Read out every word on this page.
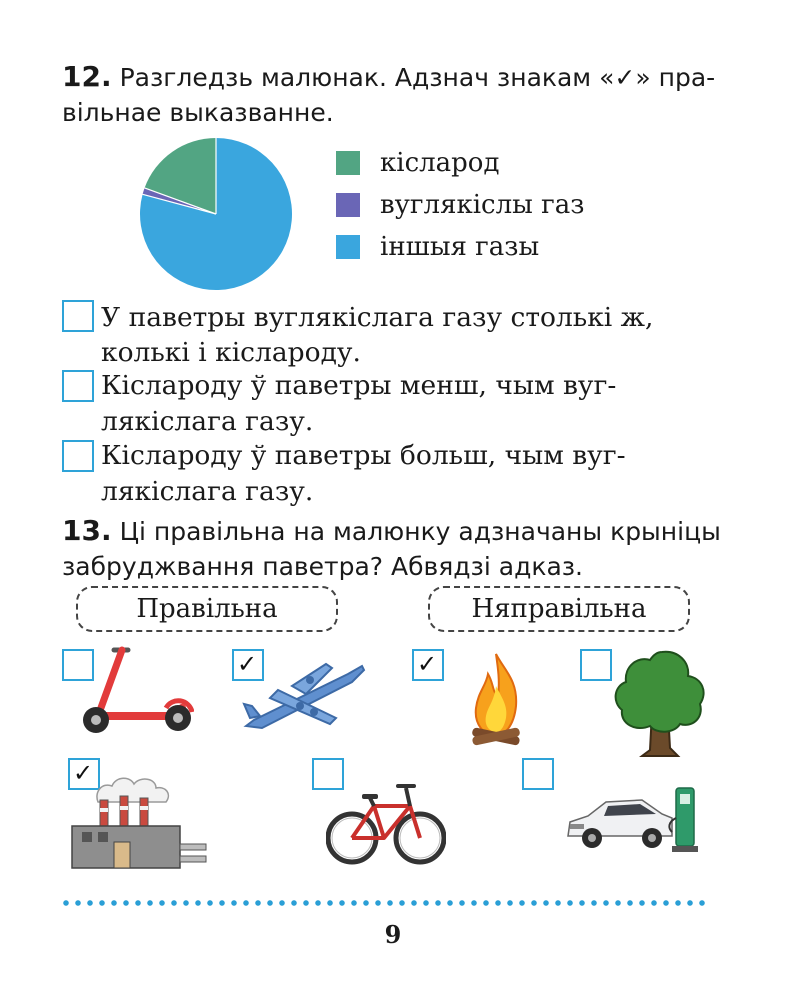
12. Разгледзь малюнак. Адзнач знакам «✓» пра-
вільнае выказванне.
кісларод
вуглякіслы газ
іншыя газы
У паветры вуглякіслага газу столькі ж,
колькі і кіслароду.
Кіслароду ў паветры менш, чым вуг-
лякіслага газу.
Кіслароду ў паветры больш, чым вуг-
лякіслага газу.
13. Ці правільна на малюнку адзначаны крыніцы
забруджвання паветра? Абвядзі адказ.
Правільна	Няправільна
✓	✓
✓
9
